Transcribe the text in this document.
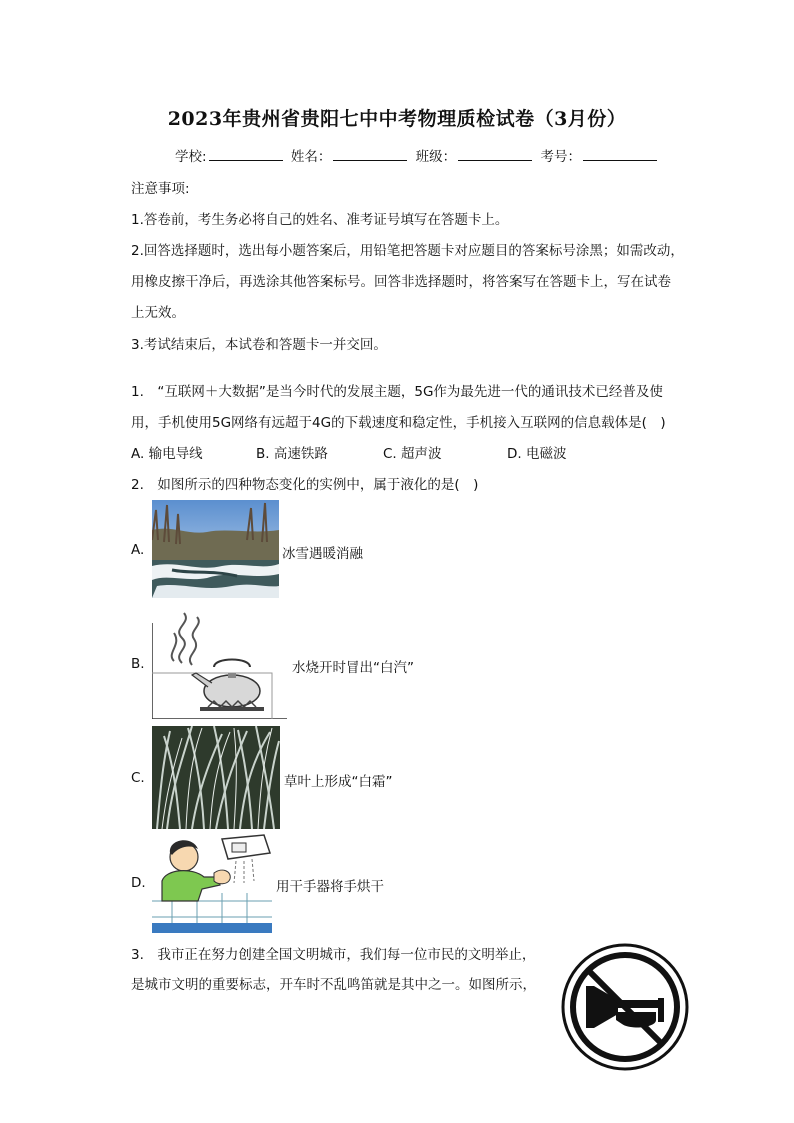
2023年贵州省贵阳七中中考物理质检试卷（3月份）
学校:	姓名：	班级：	考号：
注意事项:
1.答卷前，考生务必将自己的姓名、准考证号填写在答题卡上。
2.回答选择题时，选出每小题答案后，用铅笔把答题卡对应题目的答案标号涂黑；如需改动，
用橡皮擦干净后，再选涂其他答案标号。回答非选择题时，将答案写在答题卡上，写在试卷
上无效。
3.考试结束后，本试卷和答题卡一并交回。
1.　“互联网＋大数据”是当今时代的发展主题，5G作为最先进一代的通讯技术已经普及使
用，手机使用5G网络有远超于4G的下载速度和稳定性，手机接入互联网的信息载体是(　)
A. 输电导线	B. 高速铁路	C. 超声波	D. 电磁波
2.　如图所示的四种物态变化的实例中，属于液化的是(　)
A.	冰雪遇暖消融
B.	水烧开时冒出“白汽”
C.	草叶上形成“白霜”
D.	用干手器将手烘干
3.　我市正在努力创建全国文明城市，我们每一位市民的文明举止，
是城市文明的重要标志，开车时不乱鸣笛就是其中之一。如图所示，
